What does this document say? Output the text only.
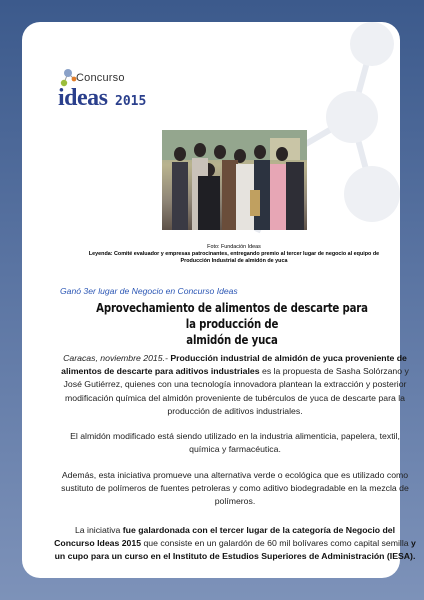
Concurso
ideas 2015
Foto: Fundación Ideas
Leyenda: Comité evaluador y empresas patrocinantes, entregando premio al tercer lugar de negocio al equipo de
Producción Industrial de almidón de yuca
Ganó 3er lugar de Negocio en Concurso Ideas
Aprovechamiento de alimentos de descarte para la producción de
almidón de yuca
Caracas, noviembre 2015.- Producción industrial de almidón de yuca proveniente de alimentos de descarte para aditivos industriales es la propuesta de Sasha Solórzano y José Gutiérrez, quienes con una tecnología innovadora plantean la extracción y posterior modificación química del almidón proveniente de tubérculos de yuca de descarte para la producción de aditivos industriales.
El almidón modificado está siendo utilizado en la industria alimenticia, papelera, textil, química y farmacéutica.
Además, esta iniciativa promueve una alternativa verde o ecológica que es utilizado como sustituto de polímeros de fuentes petroleras y como aditivo biodegradable en la mezcla de polímeros.
La iniciativa fue galardonada con el tercer lugar de la categoría de Negocio del Concurso Ideas 2015 que consiste en un galardón de 60 mil bolívares como capital semilla y un cupo para un curso en el Instituto de Estudios Superiores de Administración (IESA).
